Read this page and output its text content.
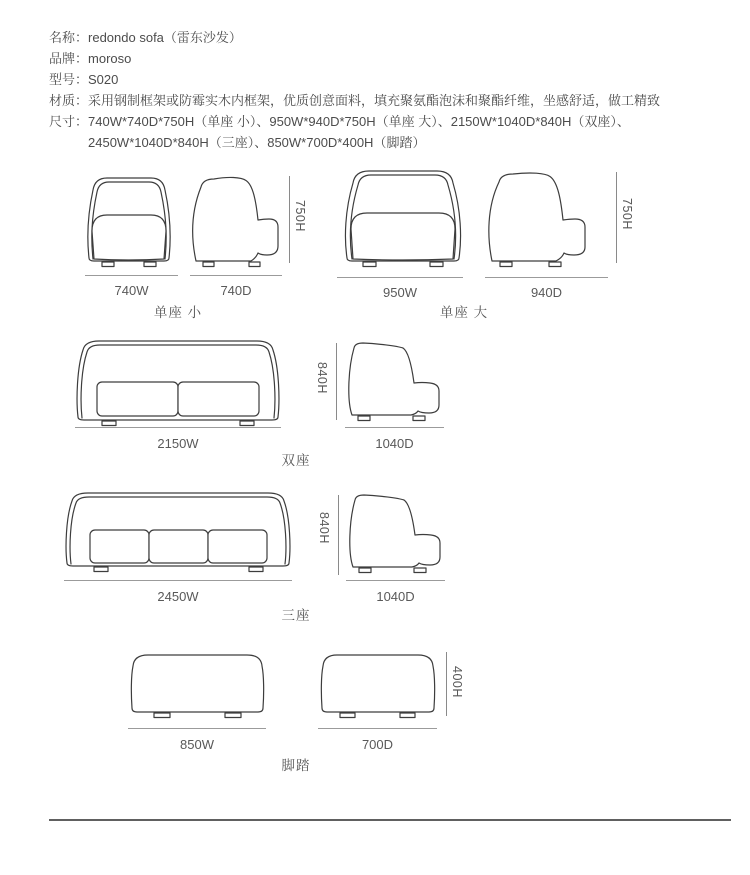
名称： redondo sofa（雷东沙发）
品牌： moroso
型号： S020
材质： 采用钢制框架或防霉实木内框架，优质创意面料，填充聚氨酯泡沫和聚酯纤维，坐感舒适，做工精致
尺寸： 740W*740D*750H（单座 小）、950W*940D*750H（单座 大）、2150W*1040D*840H（双座）、
2450W*1040D*840H（三座）、850W*700D*400H（脚踏）
740W	740D
750H
单座 小
950W	940D
750H
单座 大
2150W	1040D
840H
双座
2450W	1040D
840H
三座
850W	700D
400H
脚踏
